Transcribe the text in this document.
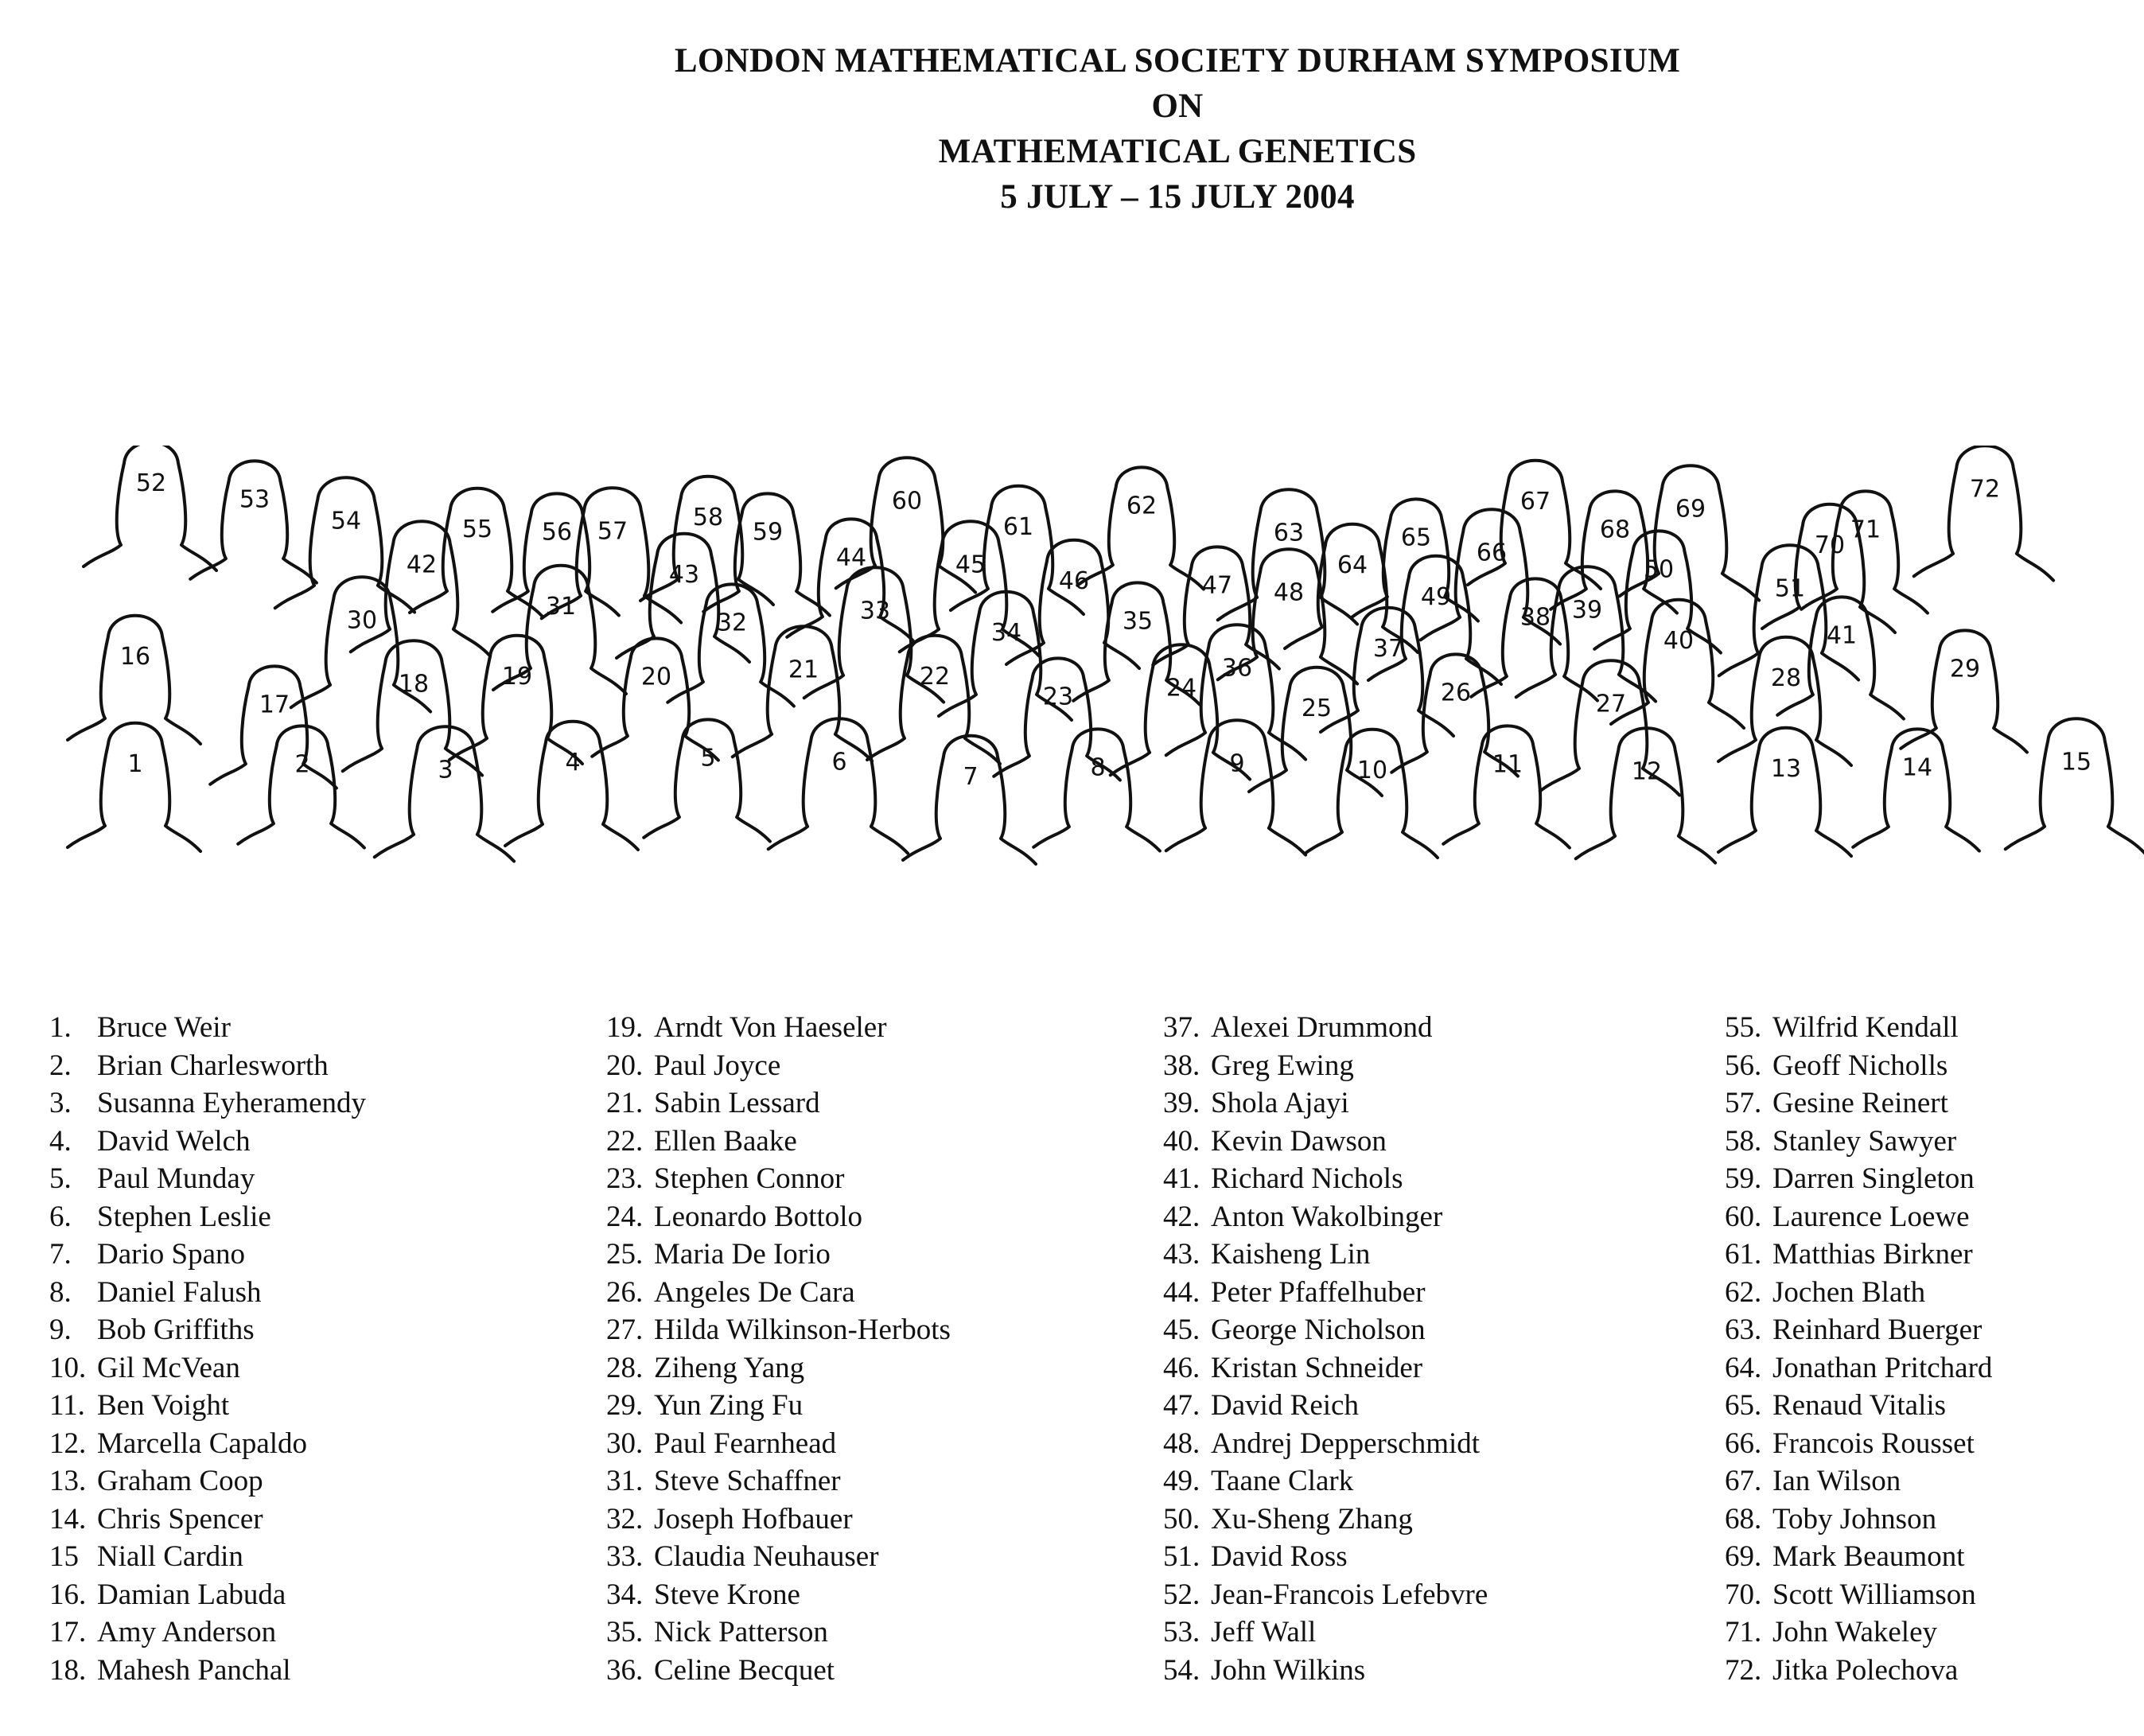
LONDON MATHEMATICAL SOCIETY DURHAM SYMPOSIUM
ON
MATHEMATICAL GENETICS
5 JULY – 15 JULY 2004
1	2	3	4	5	6
7	8	9	10	11	12	13	14	15
16
17
18	19	20	21	22
23	24
25
26	27
28	29
30	31
32	33
34	35
36
37
38 39
40	41
42	43
44	45
46	47 48	49
50
51
52
53
54	55 56 57	58
59
60
61
62
63
64
65
66
67
68
69
70
71
72
1. Bruce Weir
2. Brian Charlesworth
3. Susanna Eyheramendy
4. David Welch
5. Paul Munday
6. Stephen Leslie
7. Dario Spano
8. Daniel Falush
9. Bob Griffiths
10. Gil McVean
11. Ben Voight
12. Marcella Capaldo
13. Graham Coop
14. Chris Spencer
15 Niall Cardin
16. Damian Labuda
17. Amy Anderson
18. Mahesh Panchal
19. Arndt Von Haeseler
20. Paul Joyce
21. Sabin Lessard
22. Ellen Baake
23. Stephen Connor
24. Leonardo Bottolo
25. Maria De Iorio
26. Angeles De Cara
27. Hilda Wilkinson-Herbots
28. Ziheng Yang
29. Yun Zing Fu
30. Paul Fearnhead
31. Steve Schaffner
32. Joseph Hofbauer
33. Claudia Neuhauser
34. Steve Krone
35. Nick Patterson
36. Celine Becquet
37. Alexei Drummond
38. Greg Ewing
39. Shola Ajayi
40. Kevin Dawson
41. Richard Nichols
42. Anton Wakolbinger
43. Kaisheng Lin
44. Peter Pfaffelhuber
45. George Nicholson
46. Kristan Schneider
47. David Reich
48. Andrej Depperschmidt
49. Taane Clark
50. Xu-Sheng Zhang
51. David Ross
52. Jean-Francois Lefebvre
53. Jeff Wall
54. John Wilkins
55. Wilfrid Kendall
56. Geoff Nicholls
57. Gesine Reinert
58. Stanley Sawyer
59. Darren Singleton
60. Laurence Loewe
61. Matthias Birkner
62. Jochen Blath
63. Reinhard Buerger
64. Jonathan Pritchard
65. Renaud Vitalis
66. Francois Rousset
67. Ian Wilson
68. Toby Johnson
69. Mark Beaumont
70. Scott Williamson
71. John Wakeley
72. Jitka Polechova
